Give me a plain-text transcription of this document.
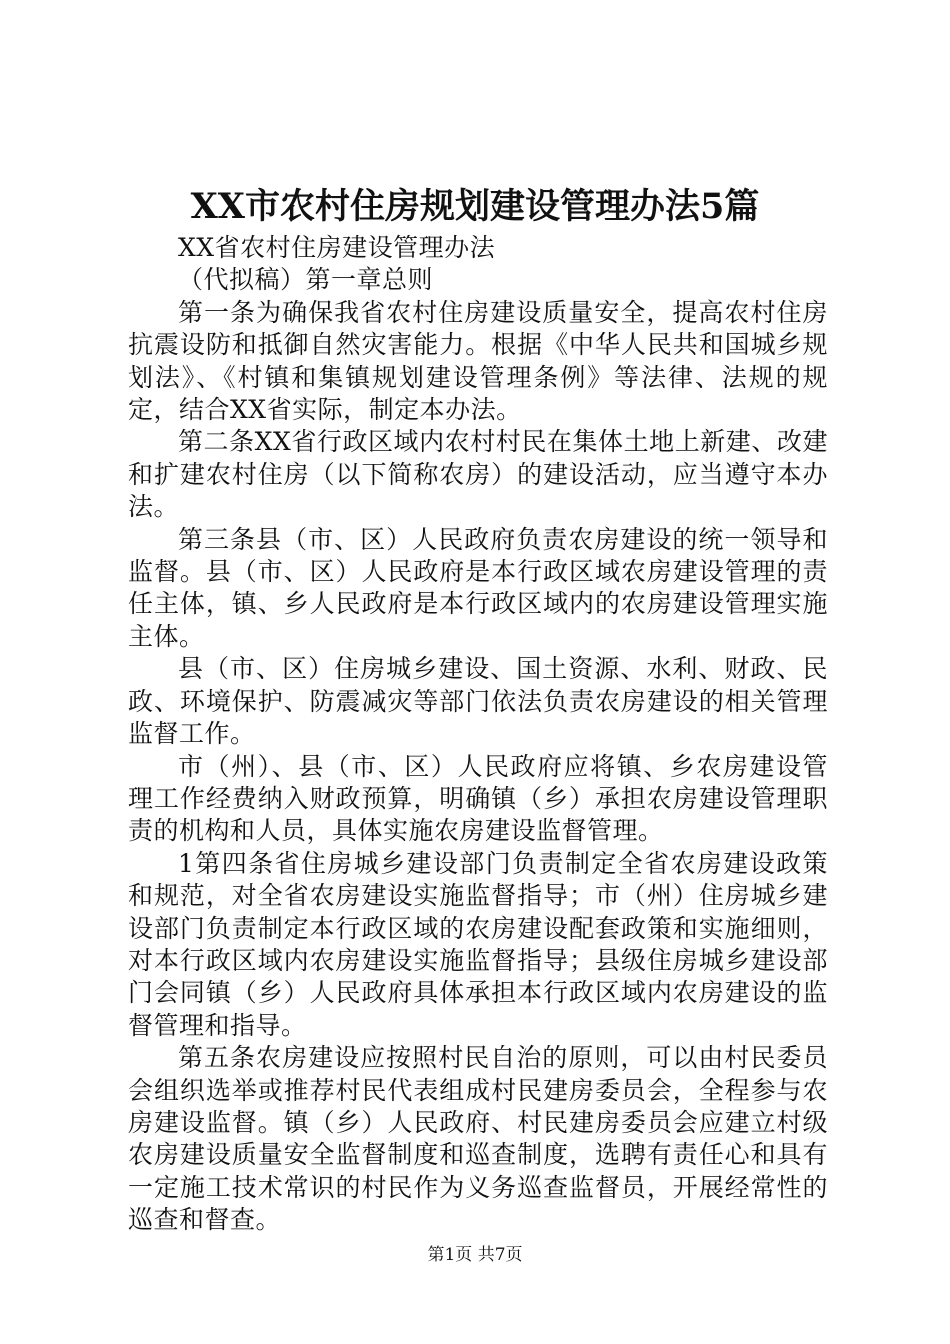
XX市农村住房规划建设管理办法5篇

XX省农村住房建设管理办法

（代拟稿）第一章总则

第一条为确保我省农村住房建设质量安全，提高农村住房抗震设防和抵御自然灾害能力。根据《中华人民共和国城乡规划法》、《村镇和集镇规划建设管理条例》等法律、法规的规定，结合XX省实际，制定本办法。

第二条XX省行政区域内农村村民在集体土地上新建、改建和扩建农村住房（以下简称农房）的建设活动，应当遵守本办法。

第三条县（市、区）人民政府负责农房建设的统一领导和监督。县（市、区）人民政府是本行政区域农房建设管理的责任主体，镇、乡人民政府是本行政区域内的农房建设管理实施主体。

县（市、区）住房城乡建设、国土资源、水利、财政、民政、环境保护、防震减灾等部门依法负责农房建设的相关管理监督工作。

市（州）、县（市、区）人民政府应将镇、乡农房建设管理工作经费纳入财政预算，明确镇（乡）承担农房建设管理职责的机构和人员，具体实施农房建设监督管理。

1第四条省住房城乡建设部门负责制定全省农房建设政策和规范，对全省农房建设实施监督指导；市（州）住房城乡建设部门负责制定本行政区域的农房建设配套政策和实施细则，对本行政区域内农房建设实施监督指导；县级住房城乡建设部门会同镇（乡）人民政府具体承担本行政区域内农房建设的监督管理和指导。

第五条农房建设应按照村民自治的原则，可以由村民委员会组织选举或推荐村民代表组成村民建房委员会，全程参与农房建设监督。镇（乡）人民政府、村民建房委员会应建立村级农房建设质量安全监督制度和巡查制度，选聘有责任心和具有一定施工技术常识的村民作为义务巡查监督员，开展经常性的巡查和督查。

第1页 共7页
